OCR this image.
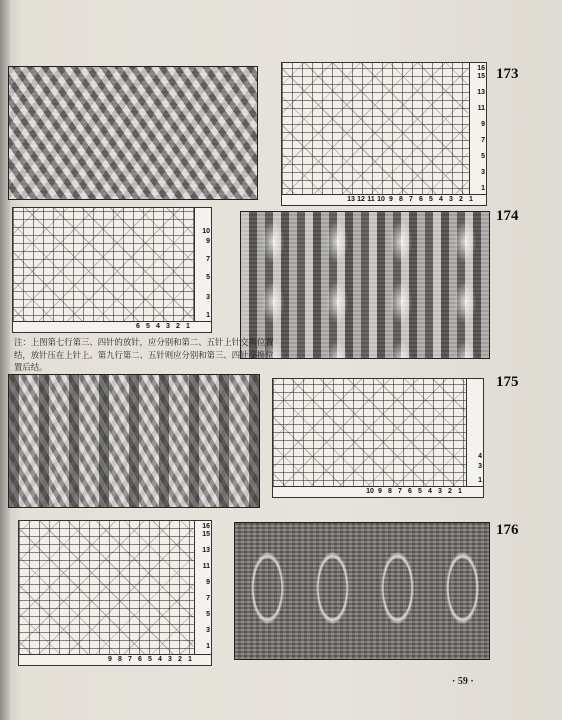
16
15
13
11
9
7
5
3
1
13 12 11 10 9 8 7 6 5 4 3 2 1
173
10
9
7
5
3
1
6 5 4 3 2 1
174
注：上图第七行第三、四针的放针，应分别和第二、五针上针交换位置结，放针压在上针上。第九行第二、五针则应分别和第三、四针交换位置后结。
4
3
1
10 9 8 7 6 5 4 3 2 1
175
16
15
13
11
9
7
5
3
1
9 8 7 6 5 4 3 2 1
176
· 59 ·
